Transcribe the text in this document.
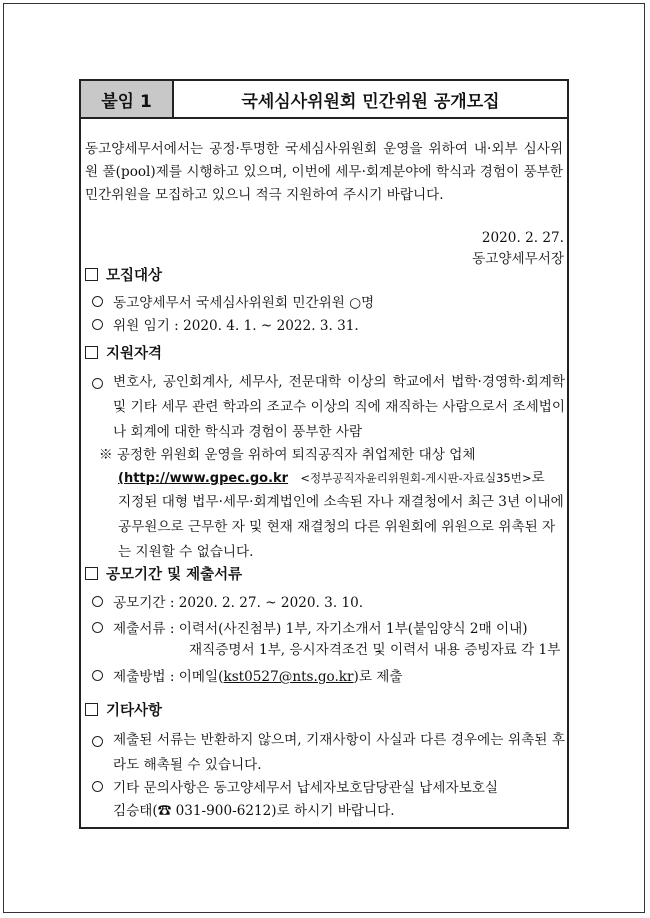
붙임 1	국세심사위원회 민간위원 공개모집
동고양세무서에서는 공정·투명한 국세심사위원회 운영을 위하여 내·외부 심사위원 풀(pool)제를 시행하고 있으며, 이번에 세무·회계분야에 학식과 경험이 풍부한 민간위원을 모집하고 있으니 적극 지원하여 주시기 바랍니다.
2020. 2. 27.
동고양세무서장
모집대상
동고양세무서 국세심사위원회 민간위원 ○명
위원 임기 : 2020. 4. 1. ~ 2022. 3. 31.
지원자격
변호사, 공인회계사, 세무사, 전문대학 이상의 학교에서 법학·경영학·회계학 및 기타 세무 관련 학과의 조교수 이상의 직에 재직하는 사람으로서 조세법이나 회계에 대한 학식과 경험이 풍부한 사람
※ 공정한 위원회 운영을 위하여 퇴직공직자 취업제한 대상 업체
(http://www.gpec.go.kr <정부공직자윤리위원회-게시판-자료실35번>로
지정된 대형 법무·세무·회계법인에 소속된 자나 재결청에서 최근 3년 이내에 공무원으로 근무한 자 및 현재 재결청의 다른 위원회에 위원으로 위촉된 자는 지원할 수 없습니다.
공모기간 및 제출서류
공모기간 : 2020. 2. 27. ~ 2020. 3. 10.
제출서류 : 이력서(사진첨부) 1부, 자기소개서 1부(붙임양식 2매 이내)
재직증명서 1부, 응시자격조건 및 이력서 내용 증빙자료 각 1부
제출방법 : 이메일(kst0527@nts.go.kr)로 제출
기타사항
제출된 서류는 반환하지 않으며, 기재사항이 사실과 다른 경우에는 위촉된 후라도 해촉될 수 있습니다.
기타 문의사항은 동고양세무서 납세자보호담당관실 납세자보호실
김승태(☎ 031-900-6212)로 하시기 바랍니다.
